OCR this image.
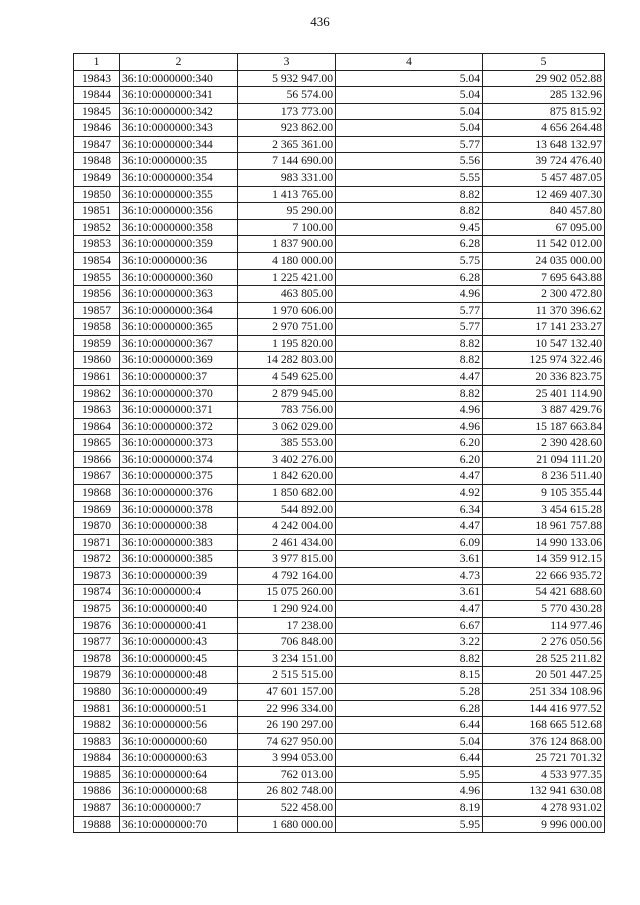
436
1	2	3	4	5
19843	36:10:0000000:340	5 932 947.00	5.04	29 902 052.88
19844	36:10:0000000:341	56 574.00	5.04	285 132.96
19845	36:10:0000000:342	173 773.00	5.04	875 815.92
19846	36:10:0000000:343	923 862.00	5.04	4 656 264.48
19847	36:10:0000000:344	2 365 361.00	5.77	13 648 132.97
19848	36:10:0000000:35	7 144 690.00	5.56	39 724 476.40
19849	36:10:0000000:354	983 331.00	5.55	5 457 487.05
19850	36:10:0000000:355	1 413 765.00	8.82	12 469 407.30
19851	36:10:0000000:356	95 290.00	8.82	840 457.80
19852	36:10:0000000:358	7 100.00	9.45	67 095.00
19853	36:10:0000000:359	1 837 900.00	6.28	11 542 012.00
19854	36:10:0000000:36	4 180 000.00	5.75	24 035 000.00
19855	36:10:0000000:360	1 225 421.00	6.28	7 695 643.88
19856	36:10:0000000:363	463 805.00	4.96	2 300 472.80
19857	36:10:0000000:364	1 970 606.00	5.77	11 370 396.62
19858	36:10:0000000:365	2 970 751.00	5.77	17 141 233.27
19859	36:10:0000000:367	1 195 820.00	8.82	10 547 132.40
19860	36:10:0000000:369	14 282 803.00	8.82	125 974 322.46
19861	36:10:0000000:37	4 549 625.00	4.47	20 336 823.75
19862	36:10:0000000:370	2 879 945.00	8.82	25 401 114.90
19863	36:10:0000000:371	783 756.00	4.96	3 887 429.76
19864	36:10:0000000:372	3 062 029.00	4.96	15 187 663.84
19865	36:10:0000000:373	385 553.00	6.20	2 390 428.60
19866	36:10:0000000:374	3 402 276.00	6.20	21 094 111.20
19867	36:10:0000000:375	1 842 620.00	4.47	8 236 511.40
19868	36:10:0000000:376	1 850 682.00	4.92	9 105 355.44
19869	36:10:0000000:378	544 892.00	6.34	3 454 615.28
19870	36:10:0000000:38	4 242 004.00	4.47	18 961 757.88
19871	36:10:0000000:383	2 461 434.00	6.09	14 990 133.06
19872	36:10:0000000:385	3 977 815.00	3.61	14 359 912.15
19873	36:10:0000000:39	4 792 164.00	4.73	22 666 935.72
19874	36:10:0000000:4	15 075 260.00	3.61	54 421 688.60
19875	36:10:0000000:40	1 290 924.00	4.47	5 770 430.28
19876	36:10:0000000:41	17 238.00	6.67	114 977.46
19877	36:10:0000000:43	706 848.00	3.22	2 276 050.56
19878	36:10:0000000:45	3 234 151.00	8.82	28 525 211.82
19879	36:10:0000000:48	2 515 515.00	8.15	20 501 447.25
19880	36:10:0000000:49	47 601 157.00	5.28	251 334 108.96
19881	36:10:0000000:51	22 996 334.00	6.28	144 416 977.52
19882	36:10:0000000:56	26 190 297.00	6.44	168 665 512.68
19883	36:10:0000000:60	74 627 950.00	5.04	376 124 868.00
19884	36:10:0000000:63	3 994 053.00	6.44	25 721 701.32
19885	36:10:0000000:64	762 013.00	5.95	4 533 977.35
19886	36:10:0000000:68	26 802 748.00	4.96	132 941 630.08
19887	36:10:0000000:7	522 458.00	8.19	4 278 931.02
19888	36:10:0000000:70	1 680 000.00	5.95	9 996 000.00
